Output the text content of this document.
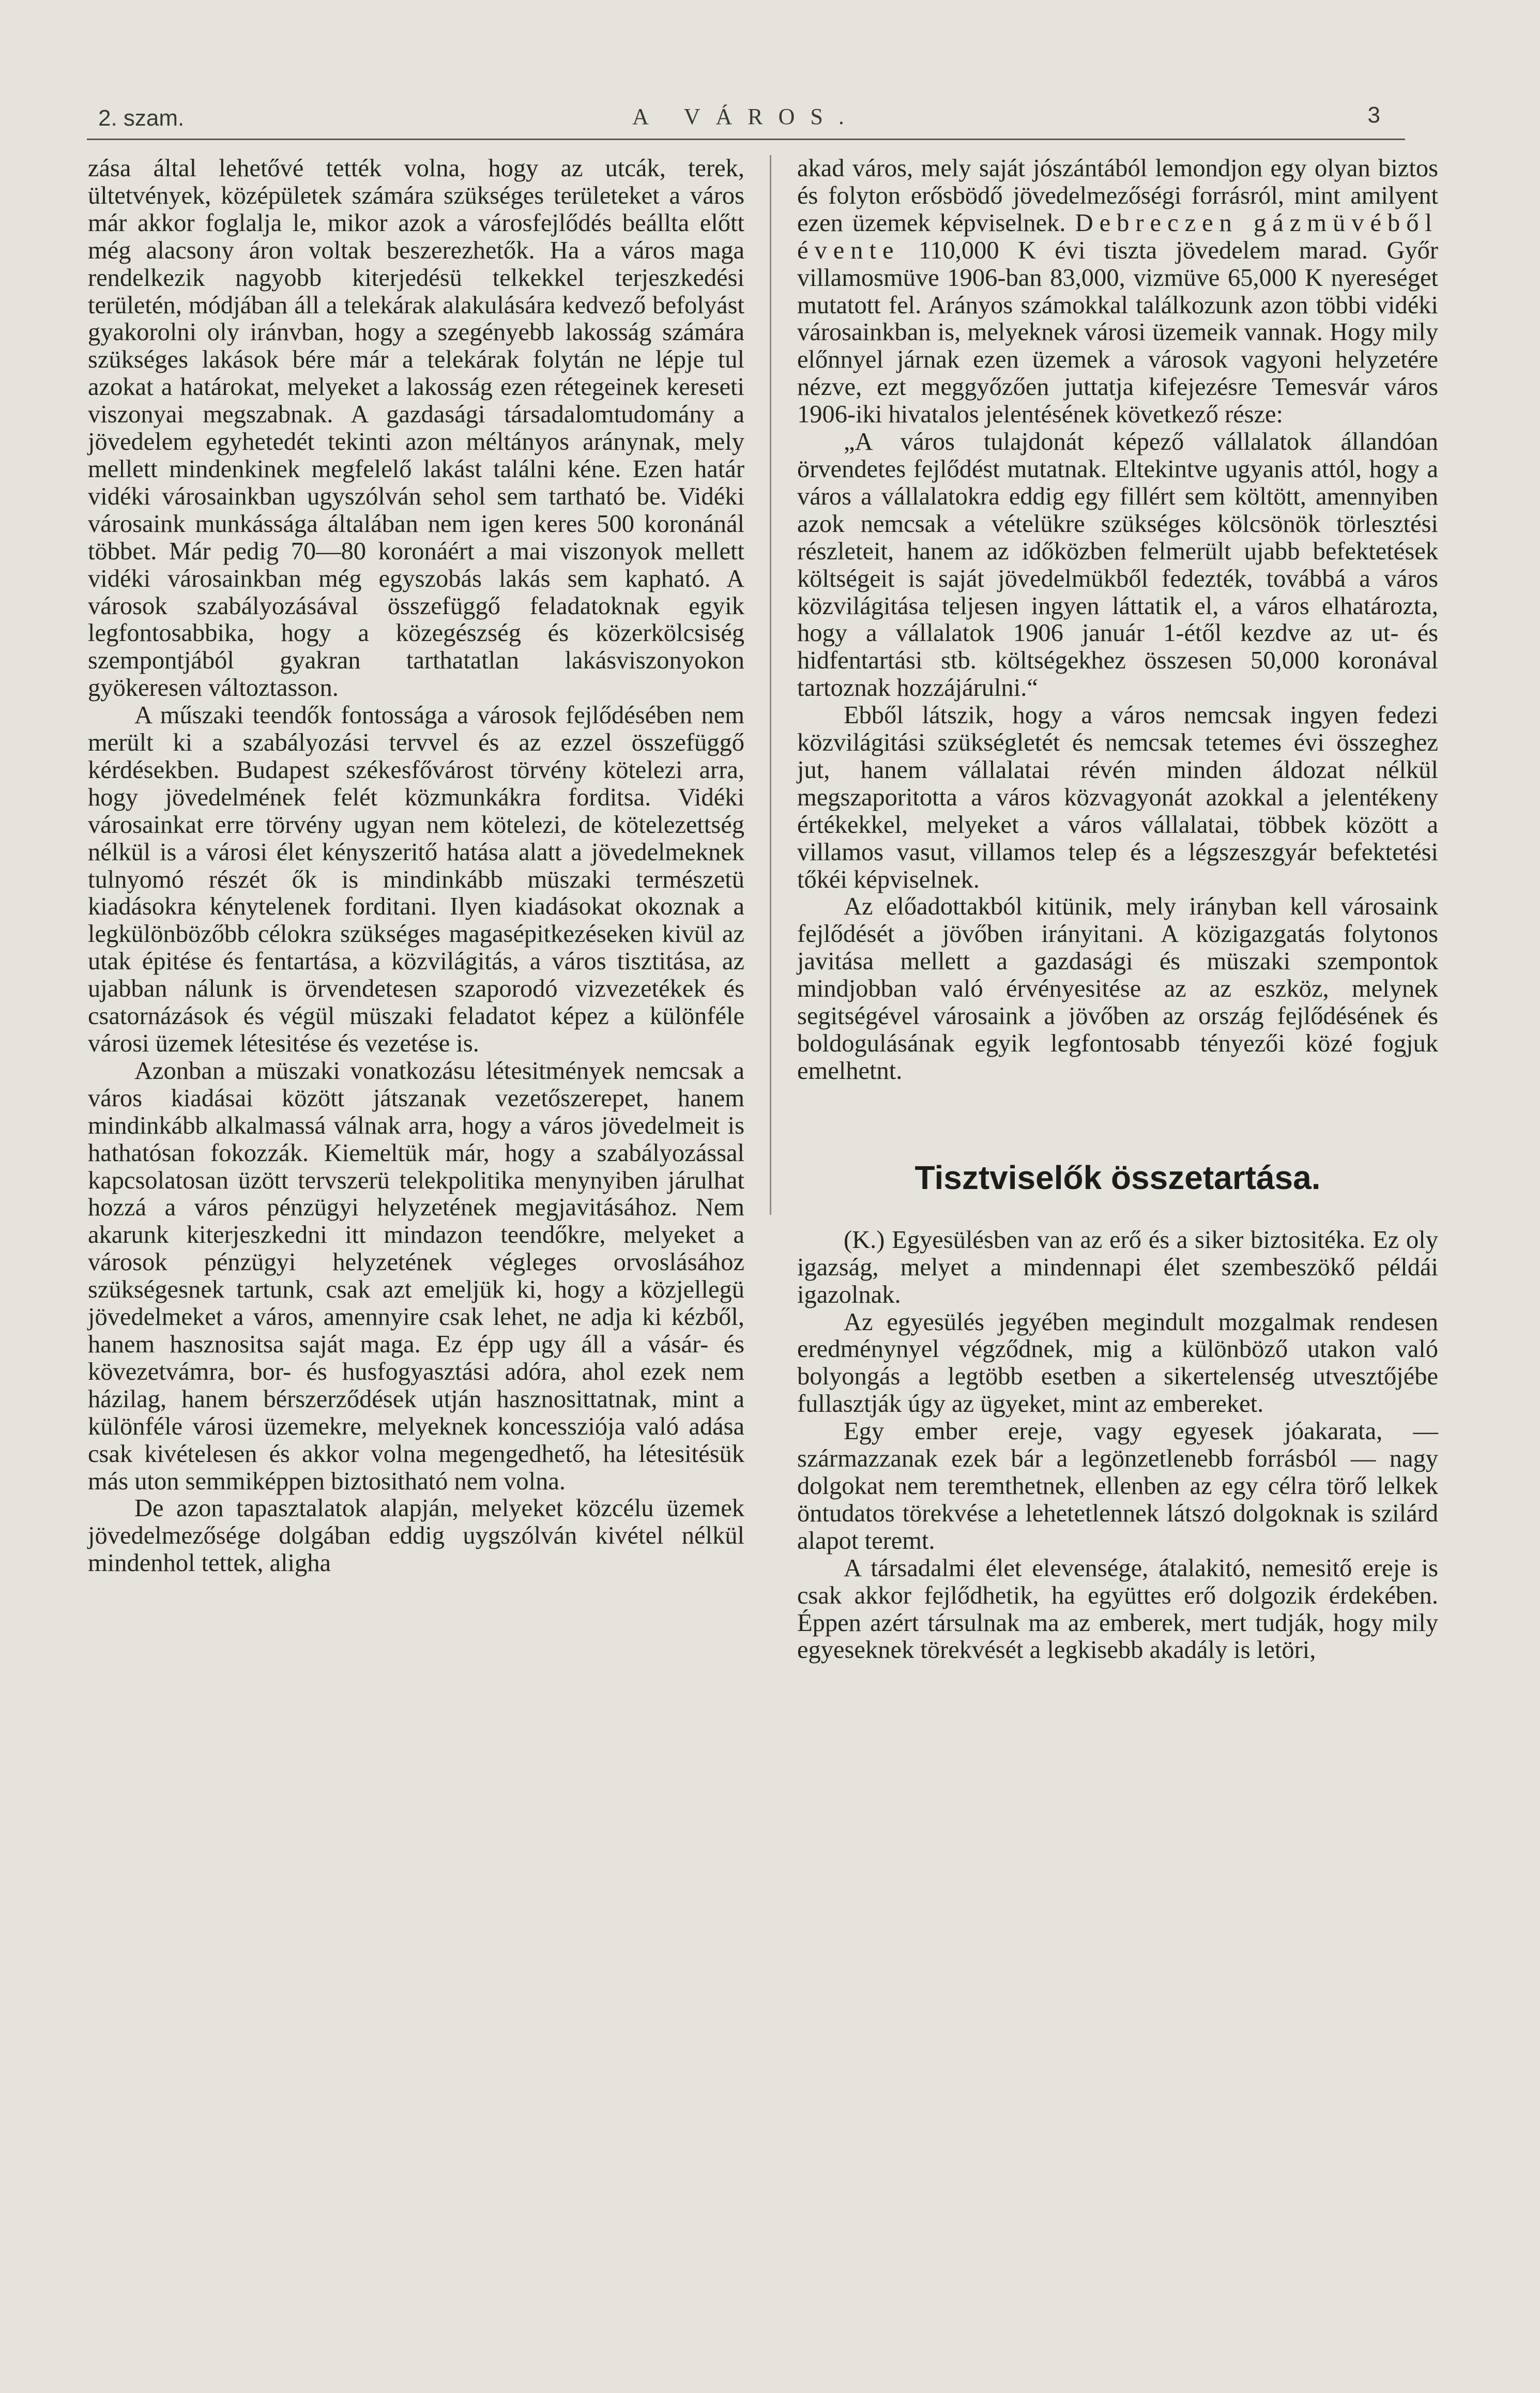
2. szam.	A VÁROS.	3

zása által lehetővé tették volna, hogy az utcák, terek, ültetvények, középületek számára szükséges területeket a város már akkor foglalja le, mikor azok a városfejlődés beállta előtt még alacsony áron voltak beszerezhetők. Ha a város maga rendelkezik nagyobb kiterjedésü telkekkel terjeszkedési területén, módjában áll a telekárak alakulására kedvező befolyást gyakorolni oly iránvban, hogy a szegényebb lakosság számára szükséges lakások bére már a telekárak folytán ne lépje tul azokat a határokat, melyeket a lakosság ezen rétegeinek kereseti viszonyai megszabnak. A gazdasági társadalomtudomány a jövedelem egyhetedét tekinti azon méltányos aránynak, mely mellett mindenkinek megfelelő lakást találni kéne. Ezen határ vidéki városainkban ugyszólván sehol sem tartható be. Vidéki városaink munkássága általában nem igen keres 500 koronánál többet. Már pedig 70—80 koronáért a mai viszonyok mellett vidéki városainkban még egyszobás lakás sem kapható. A városok szabályozásával összefüggő feladatoknak egyik legfontosabbika, hogy a közegészség és közerkölcsiség szempontjából gyakran tarthatatlan lakásviszonyokon gyökeresen változtasson.

A műszaki teendők fontossága a városok fejlődésében nem merült ki a szabályozási tervvel és az ezzel összefüggő kérdésekben. Budapest székesfővárost törvény kötelezi arra, hogy jövedelmének felét közmunkákra forditsa. Vidéki városainkat erre törvény ugyan nem kötelezi, de kötelezettség nélkül is a városi élet kényszeritő hatása alatt a jövedelmeknek tulnyomó részét ők is mindinkább müszaki természetü kiadásokra kénytelenek forditani. Ilyen kiadásokat okoznak a legkülönbözőbb célokra szükséges magasépitkezéseken kivül az utak épitése és fentartása, a közvilágitás, a város tisztitása, az ujabban nálunk is örvendetesen szaporodó vizvezetékek és csatornázások és végül müszaki feladatot képez a különféle városi üzemek létesitése és vezetése is.

Azonban a müszaki vonatkozásu létesitmények nemcsak a város kiadásai között játszanak vezetőszerepet, hanem mindinkább alkalmassá válnak arra, hogy a város jövedelmeit is hathatósan fokozzák. Kiemeltük már, hogy a szabályozással kapcsolatosan üzött tervszerü telekpolitika menynyiben járulhat hozzá a város pénzügyi helyzetének megjavitásához. Nem akarunk kiterjeszkedni itt mindazon teendőkre, melyeket a városok pénzügyi helyzetének végleges orvoslásához szükségesnek tartunk, csak azt emeljük ki, hogy a közjellegü jövedelmeket a város, amennyire csak lehet, ne adja ki kézből, hanem hasznositsa saját maga. Ez épp ugy áll a vásár- és kövezetvámra, bor- és husfogyasztási adóra, ahol ezek nem házilag, hanem bérszerződések utján hasznosittatnak, mint a különféle városi üzemekre, melyeknek koncessziója való adása csak kivételesen és akkor volna megengedhető, ha létesitésük más uton semmiképpen biztositható nem volna.

De azon tapasztalatok alapján, melyeket közcélu üzemek jövedelmezősége dolgában eddig uygszólván kivétel nélkül mindenhol tettek, aligha

akad város, mely saját jószántából lemondjon egy olyan biztos és folyton erősbödő jövedelmezőségi forrásról, mint amilyent ezen üzemek képviselnek. Debreczen gázmüvéből évente 110,000 K évi tiszta jövedelem marad. Győr villamosmüve 1906-ban 83,000, vizmüve 65,000 K nyereséget mutatott fel. Arányos számokkal találkozunk azon többi vidéki városainkban is, melyeknek városi üzemeik vannak. Hogy mily előnnyel járnak ezen üzemek a városok vagyoni helyzetére nézve, ezt meggyőzően juttatja kifejezésre Temesvár város 1906-iki hivatalos jelentésének következő része:

„A város tulajdonát képező vállalatok állandóan örvendetes fejlődést mutatnak. Eltekintve ugyanis attól, hogy a város a vállalatokra eddig egy fillért sem költött, amennyiben azok nemcsak a vételükre szükséges kölcsönök törlesztési részleteit, hanem az időközben felmerült ujabb befektetések költségeit is saját jövedelmükből fedezték, továbbá a város közvilágitása teljesen ingyen láttatik el, a város elhatározta, hogy a vállalatok 1906 január 1-étől kezdve az ut- és hidfentartási stb. költségekhez összesen 50,000 koronával tartoznak hozzájárulni.“

Ebből látszik, hogy a város nemcsak ingyen fedezi közvilágitási szükségletét és nemcsak tetemes évi összeghez jut, hanem vállalatai révén minden áldozat nélkül megszaporitotta a város közvagyonát azokkal a jelentékeny értékekkel, melyeket a város vállalatai, többek között a villamos vasut, villamos telep és a légszeszgyár befektetési tőkéi képviselnek.

Az előadottakból kitünik, mely irányban kell városaink fejlődését a jövőben irányitani. A közigazgatás folytonos javitása mellett a gazdasági és müszaki szempontok mindjobban való érvényesitése az az eszköz, melynek segitségével városaink a jövőben az ország fejlődésének és boldogulásának egyik legfontosabb tényezői közé fogjuk emelhetnt.

Tisztviselők összetartása.

(K.) Egyesülésben van az erő és a siker biztositéka. Ez oly igazság, melyet a mindennapi élet szembeszökő példái igazolnak.

Az egyesülés jegyében megindult mozgalmak rendesen eredménynyel végződnek, mig a különböző utakon való bolyongás a legtöbb esetben a sikertelenség utvesztőjébe fullasztják úgy az ügyeket, mint az embereket.

Egy ember ereje, vagy egyesek jóakarata, — származzanak ezek bár a legönzetlenebb forrásból — nagy dolgokat nem teremthetnek, ellenben az egy célra törő lelkek öntudatos törekvése a lehetetlennek látszó dolgoknak is szilárd alapot teremt.

A társadalmi élet elevensége, átalakitó, nemesitő ereje is csak akkor fejlődhetik, ha együttes erő dolgozik érdekében. Éppen azért társulnak ma az emberek, mert tudják, hogy mily egyeseknek törekvését a legkisebb akadály is letöri,
